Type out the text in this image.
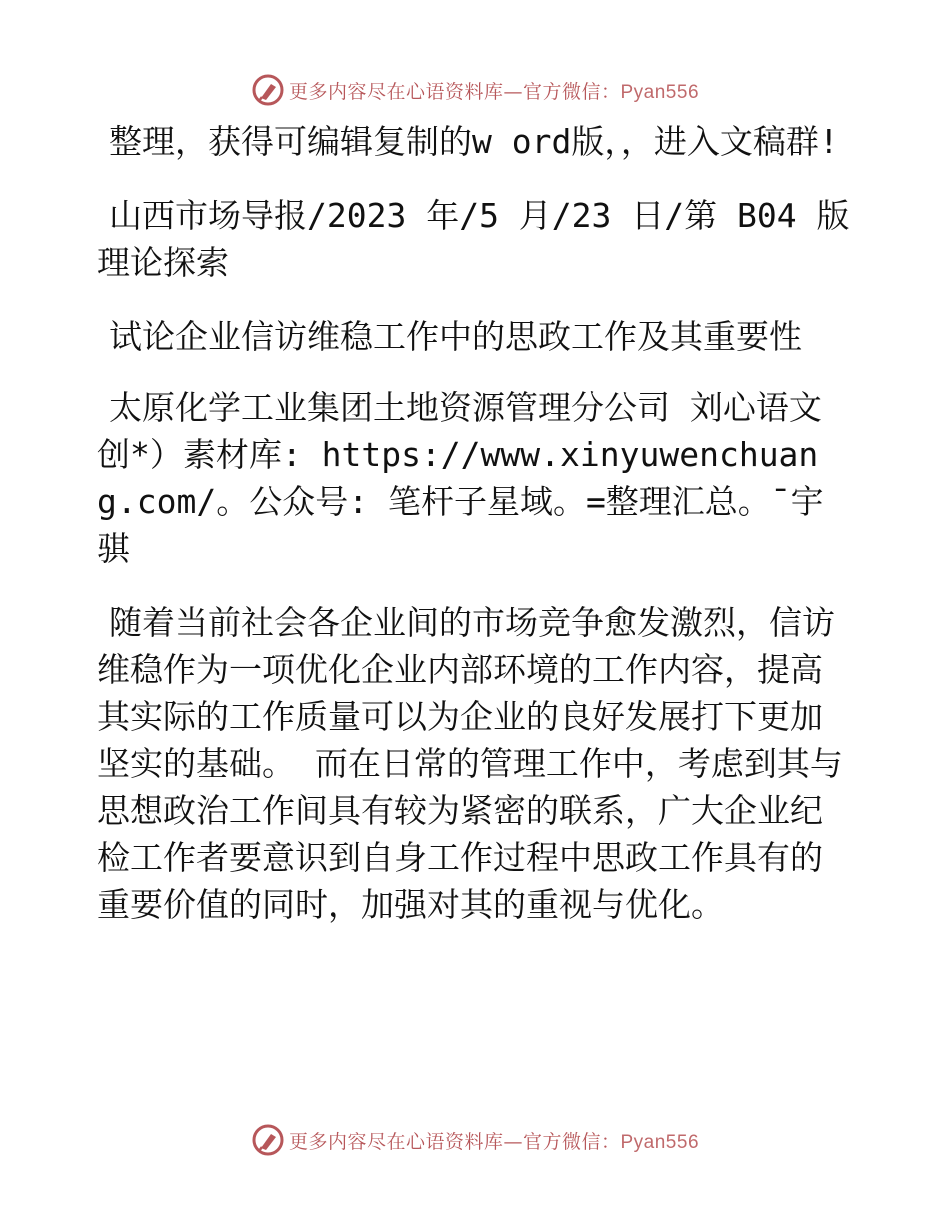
更多内容尽在心语资料库—官方微信：Pyan556

整理，获得可编辑复制的w ord版，，进入文稿群!

山西市场导报/2023 年/5 月/23 日/第 B04 版理论探索

试论企业信访维稳工作中的思政工作及其重要性

太原化学工业集团土地资源管理分公司 刘心语文创*）素材库: https://www.xinyuwenchuang.com/。公众号: 笔杆子星域。=整理汇总。¯宇骐

随着当前社会各企业间的市场竞争愈发激烈，信访维稳作为一项优化企业内部环境的工作内容，提高其实际的工作质量可以为企业的良好发展打下更加坚实的基础。 而在日常的管理工作中，考虑到其与思想政治工作间具有较为紧密的联系，广大企业纪检工作者要意识到自身工作过程中思政工作具有的重要价值的同时，加强对其的重视与优化。

更多内容尽在心语资料库—官方微信：Pyan556
